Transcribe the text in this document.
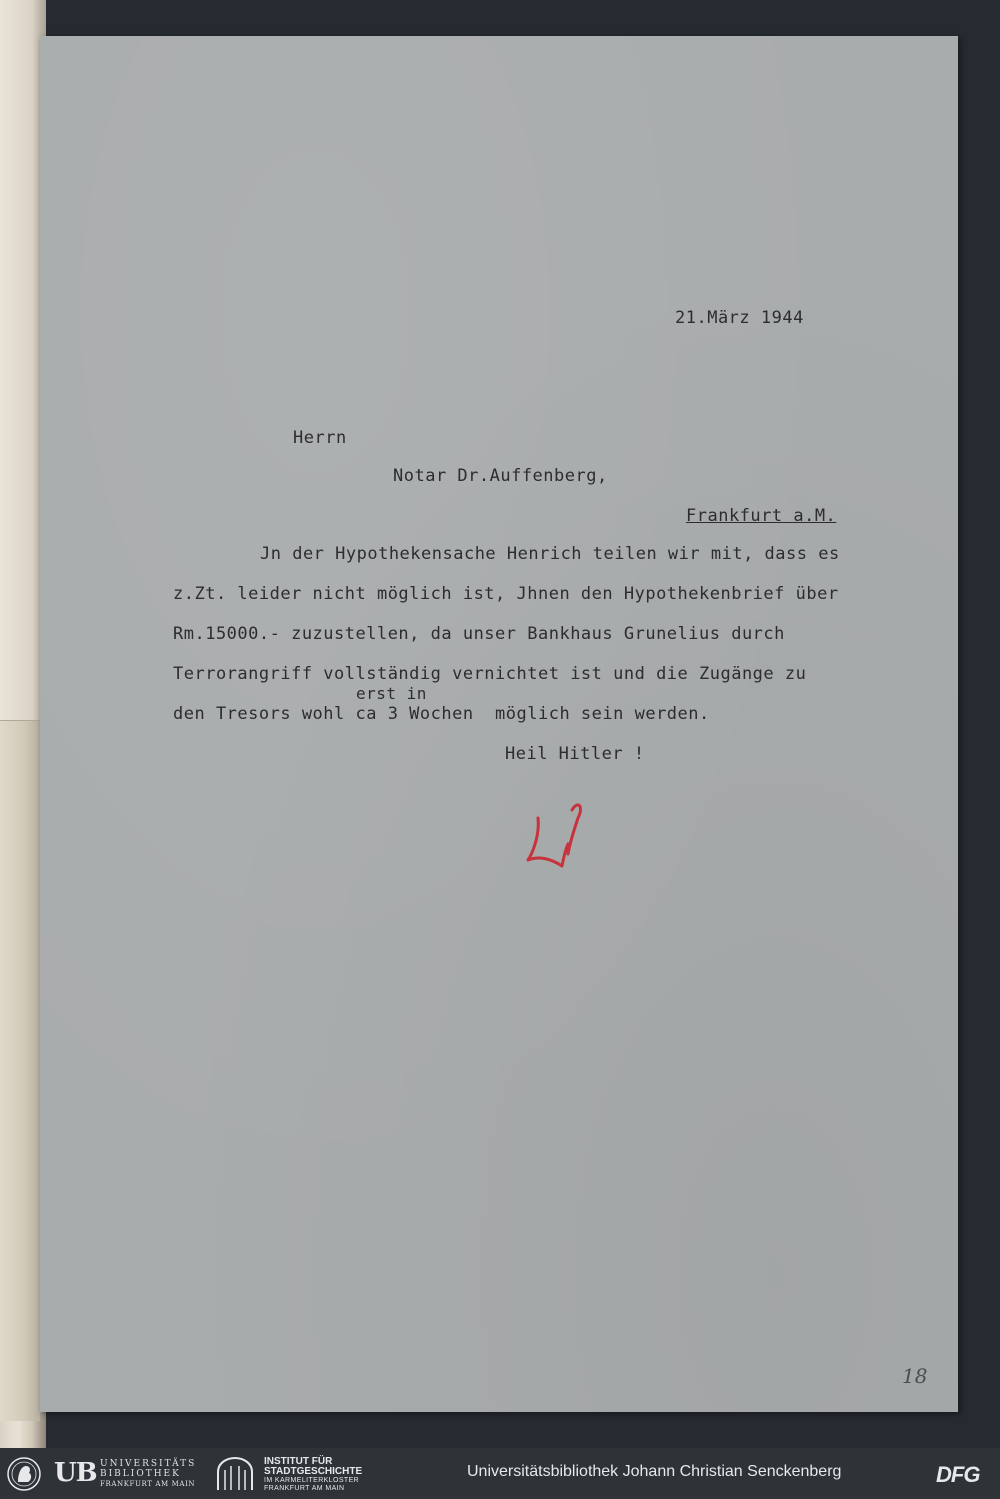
21.März 1944
Herrn
Notar Dr.Auffenberg,
Frankfurt a.M.
Jn der Hypothekensache Henrich teilen wir mit, dass es
z.Zt. leider nicht möglich ist, Jhnen den Hypothekenbrief über
Rm.15000.- zuzustellen, da unser Bankhaus Grunelius durch
Terrorangriff vollständig vernichtet ist und die Zugänge zu
erst in
den Tresors wohl ca 3 Wochen  möglich sein werden.
Heil Hitler !
18
UB UNIVERSITÄTS
BIBLIOTHEK
FRANKFURT AM MAIN
INSTITUT FÜR
STADTGESCHICHTE
IM KARMELITERKLOSTER
FRANKFURT AM MAIN
Universitätsbibliothek Johann Christian Senckenberg	DFG
